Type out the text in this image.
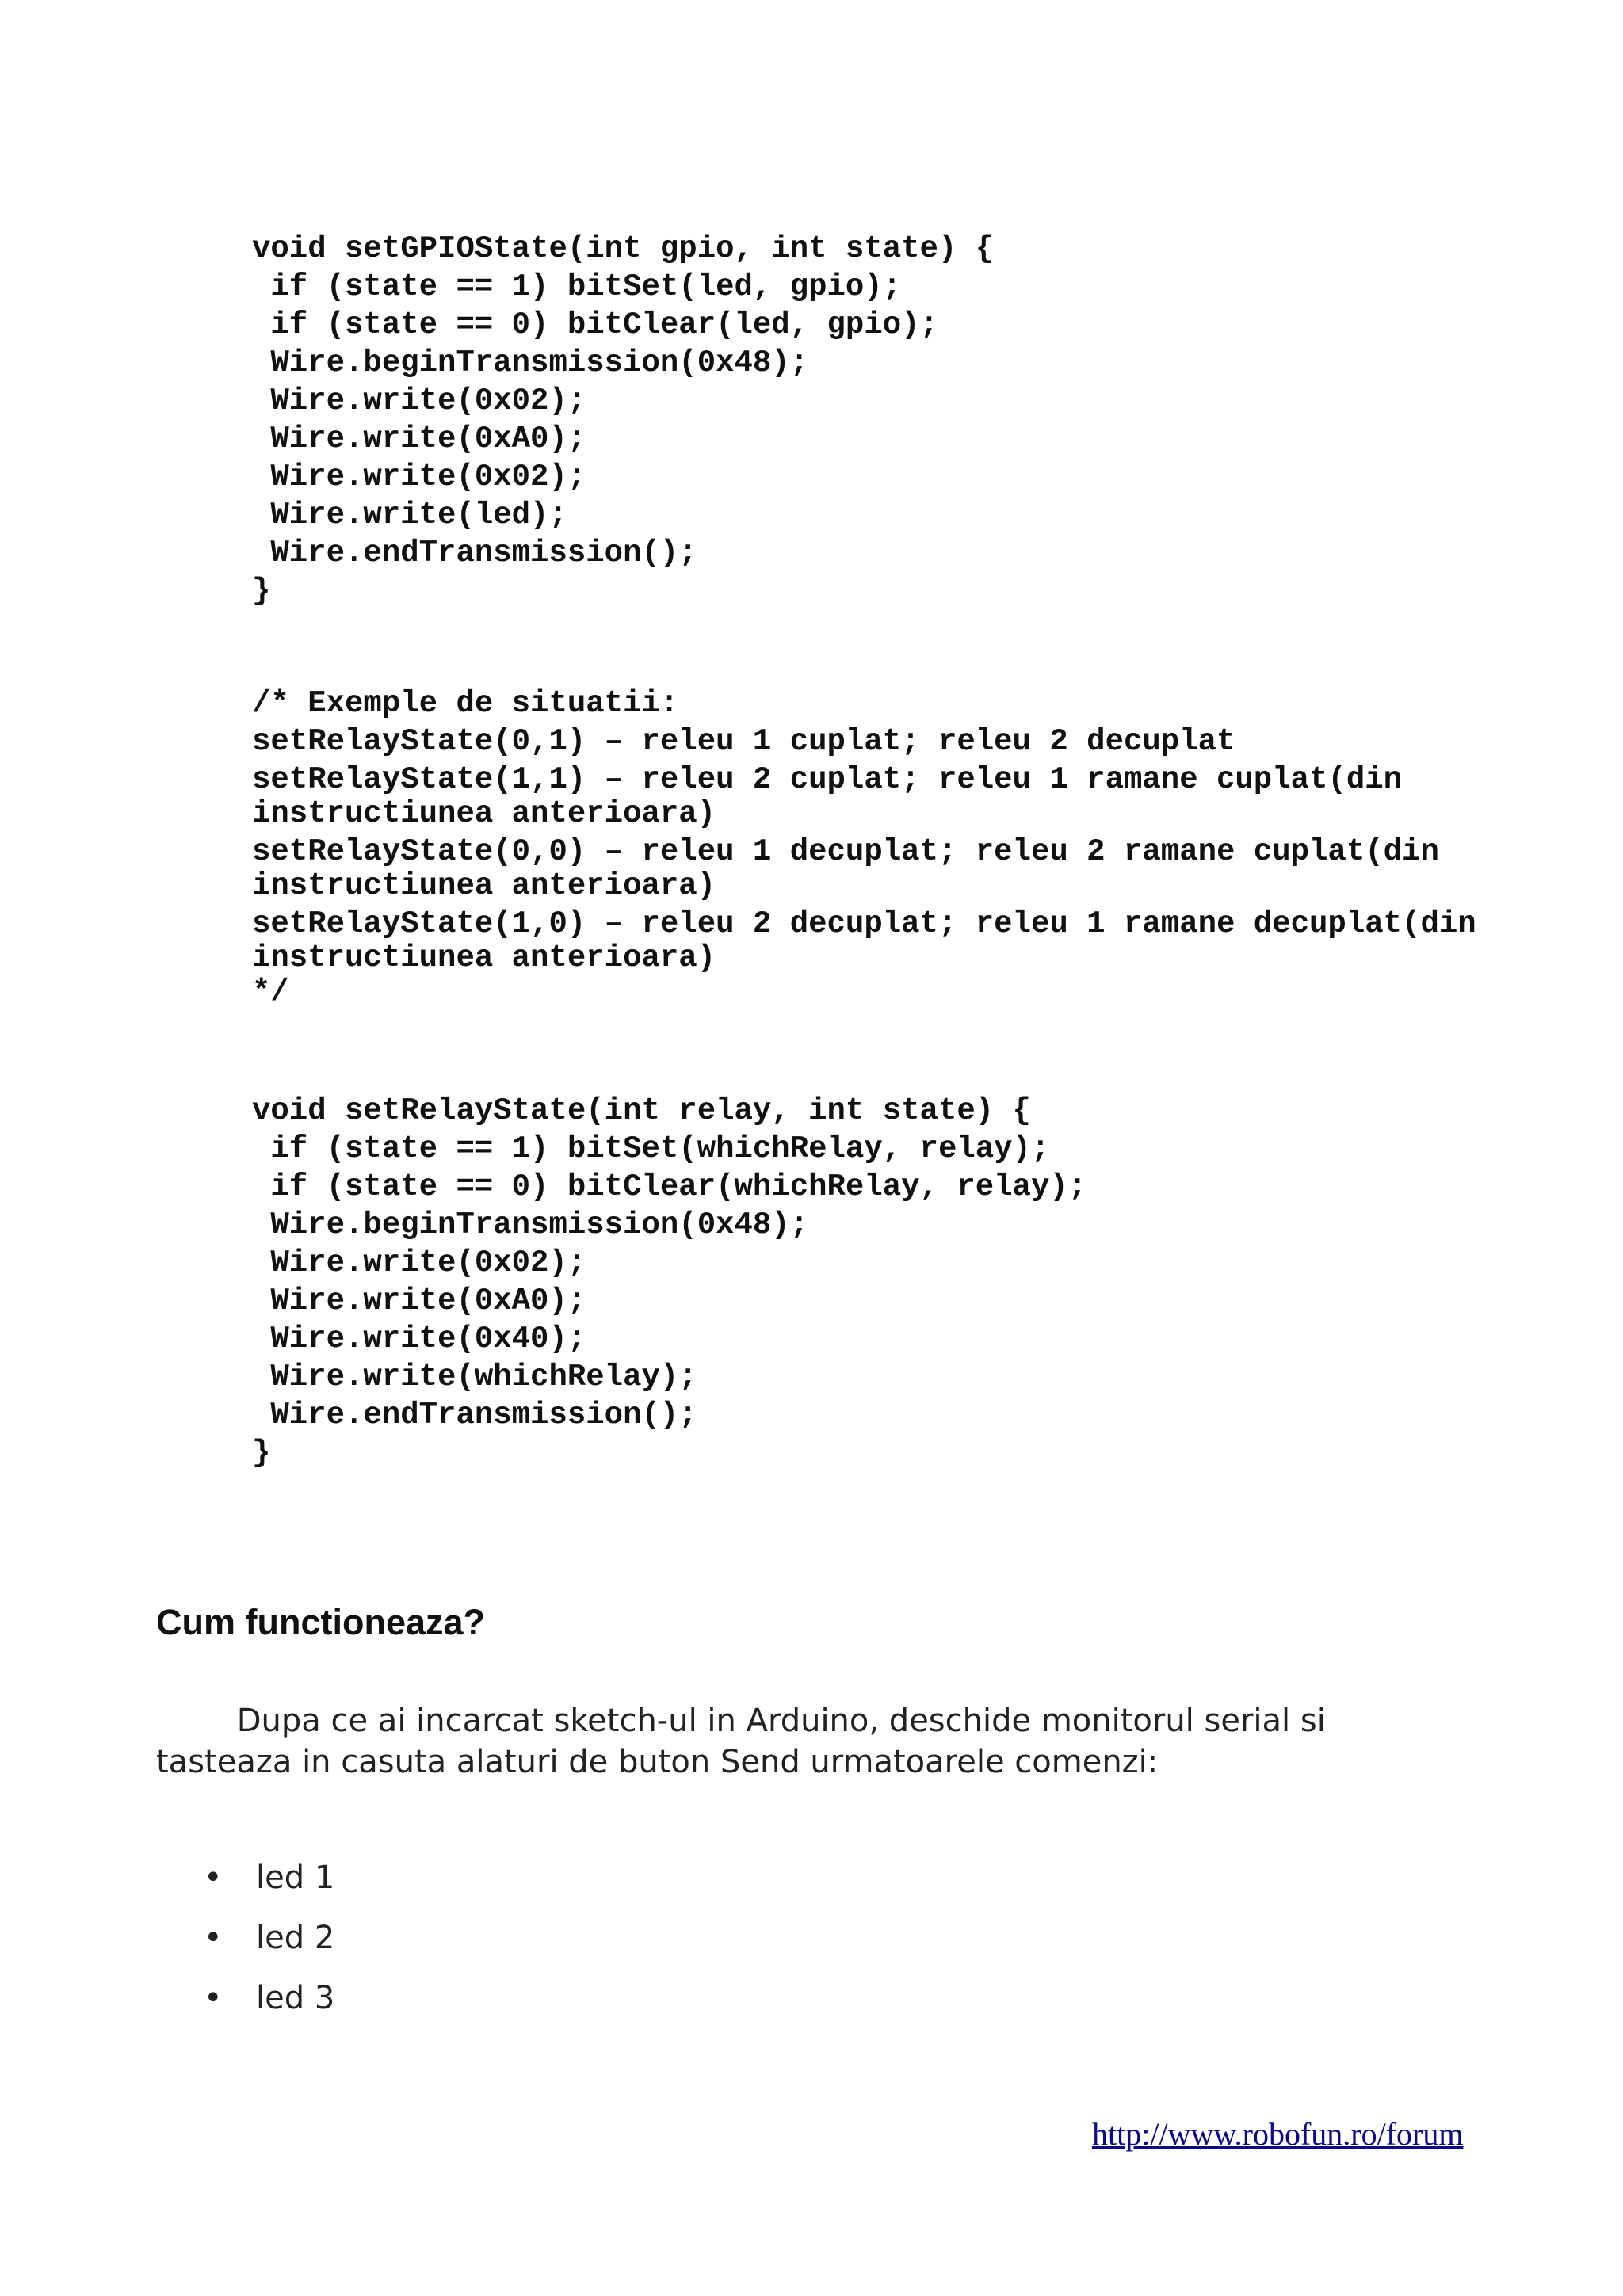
void setGPIOState(int gpio, int state) {
if (state == 1) bitSet(led, gpio);
if (state == 0) bitClear(led, gpio);
Wire.beginTransmission(0x48);
Wire.write(0x02);
Wire.write(0xA0);
Wire.write(0x02);
Wire.write(led);
Wire.endTransmission();
}

/* Exemple de situatii:

setRelayState(0,1) – releu 1 cuplat; releu 2 decuplat

setRelayState(1,1) – releu 2 cuplat; releu 1 ramane cuplat(din

instructiunea anterioara)

setRelayState(0,0) – releu 1 decuplat; releu 2 ramane cuplat(din

instructiunea anterioara)

setRelayState(1,0) – releu 2 decuplat; releu 1 ramane decuplat(din

instructiunea anterioara)

*/

void setRelayState(int relay, int state) {
if (state == 1) bitSet(whichRelay, relay);
if (state == 0) bitClear(whichRelay, relay);
Wire.beginTransmission(0x48);
Wire.write(0x02);
Wire.write(0xA0);
Wire.write(0x40);
Wire.write(whichRelay);
Wire.endTransmission();
}
Cum functioneaza?

Dupa ce ai incarcat sketch-ul in Arduino, deschide monitorul serial si
tasteaza in casuta alaturi de buton Send urmatoarele comenzi:

• led 1
• led 2
• led 3
http://www.robofun.ro/forum
